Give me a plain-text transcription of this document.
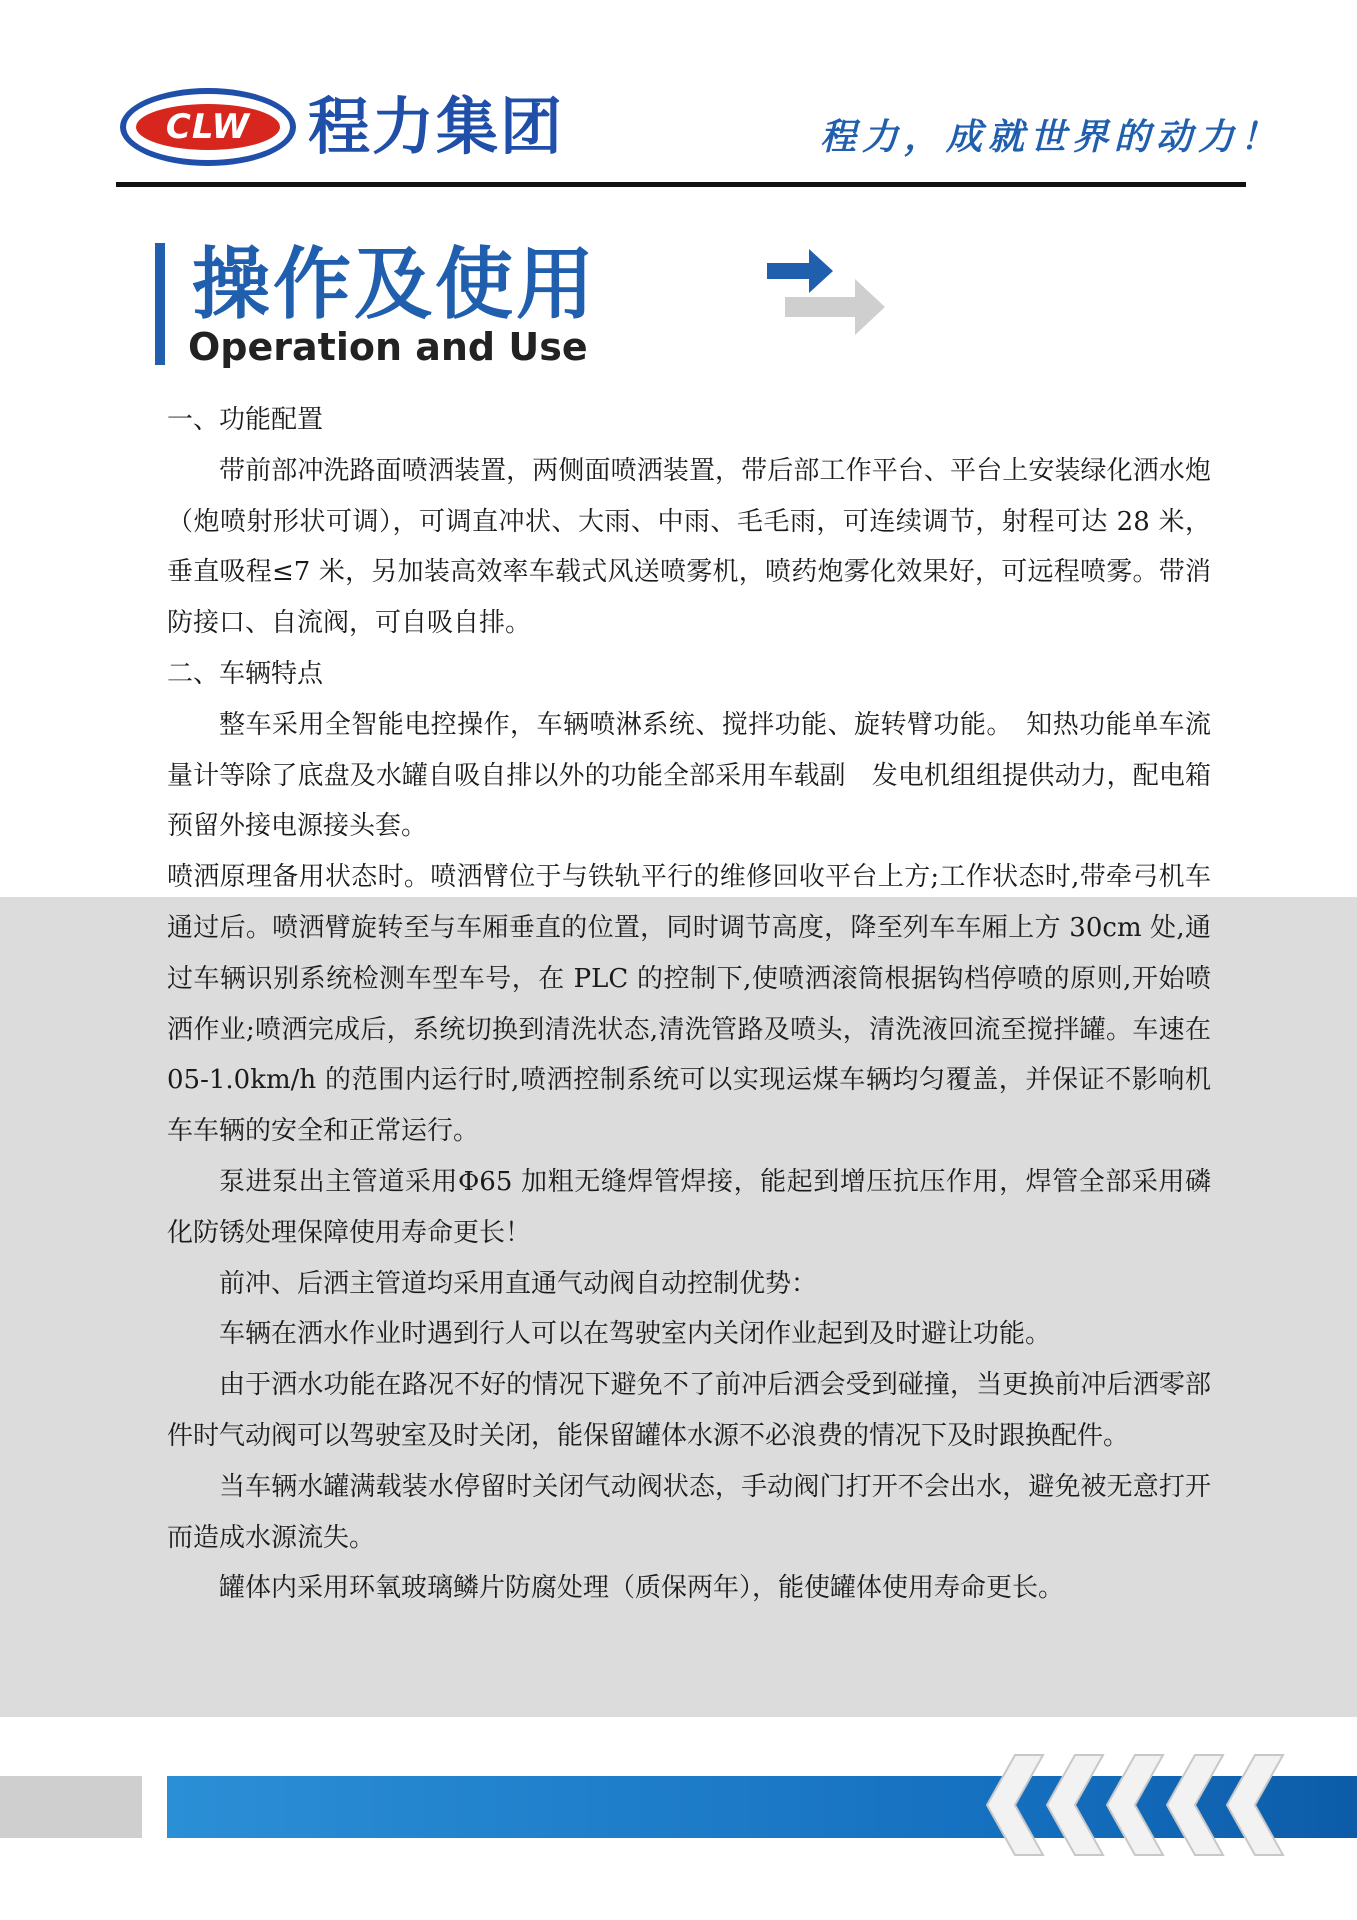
CLW 程力集团	程力，成就世界的动力！
操作及使用
Operation and Use

一、功能配置

带前部冲洗路面喷洒装置，两侧面喷洒装置，带后部工作平台、平台上安装绿化洒水炮（炮喷射形状可调），可调直冲状、大雨、中雨、毛毛雨，可连续调节，射程可达 28 米，垂直吸程≤7 米，另加装高效率车载式风送喷雾机，喷药炮雾化效果好，可远程喷雾。带消防接口、自流阀，可自吸自排。

二、车辆特点

整车采用全智能电控操作，车辆喷淋系统、搅拌功能、旋转臂功能。　知热功能单车流量计等除了底盘及水罐自吸自排以外的功能全部采用车载副　发电机组组提供动力，配电箱预留外接电源接头套。

喷洒原理备用状态时。喷洒臂位于与铁轨平行的维修回收平台上方;工作状态时,带牵弓机车通过后。喷洒臂旋转至与车厢垂直的位置，同时调节高度，降至列车车厢上方 30cm 处,通过车辆识别系统检测车型车号，在 PLC 的控制下,使喷洒滚筒根据钩档停喷的原则,开始喷洒作业;喷洒完成后，系统切换到清洗状态,清洗管路及喷头，清洗液回流至搅拌罐。车速在 05-1.0km/h 的范围内运行时,喷洒控制系统可以实现运煤车辆均匀覆盖，并保证不影响机车车辆的安全和正常运行。

泵进泵出主管道采用Φ65 加粗无缝焊管焊接，能起到增压抗压作用，焊管全部采用磷化防锈处理保障使用寿命更长！

前冲、后洒主管道均采用直通气动阀自动控制优势：

车辆在洒水作业时遇到行人可以在驾驶室内关闭作业起到及时避让功能。

由于洒水功能在路况不好的情况下避免不了前冲后洒会受到碰撞，当更换前冲后洒零部件时气动阀可以驾驶室及时关闭，能保留罐体水源不必浪费的情况下及时跟换配件。

当车辆水罐满载装水停留时关闭气动阀状态，手动阀门打开不会出水，避免被无意打开而造成水源流失。

罐体内采用环氧玻璃鳞片防腐处理（质保两年），能使罐体使用寿命更长。
